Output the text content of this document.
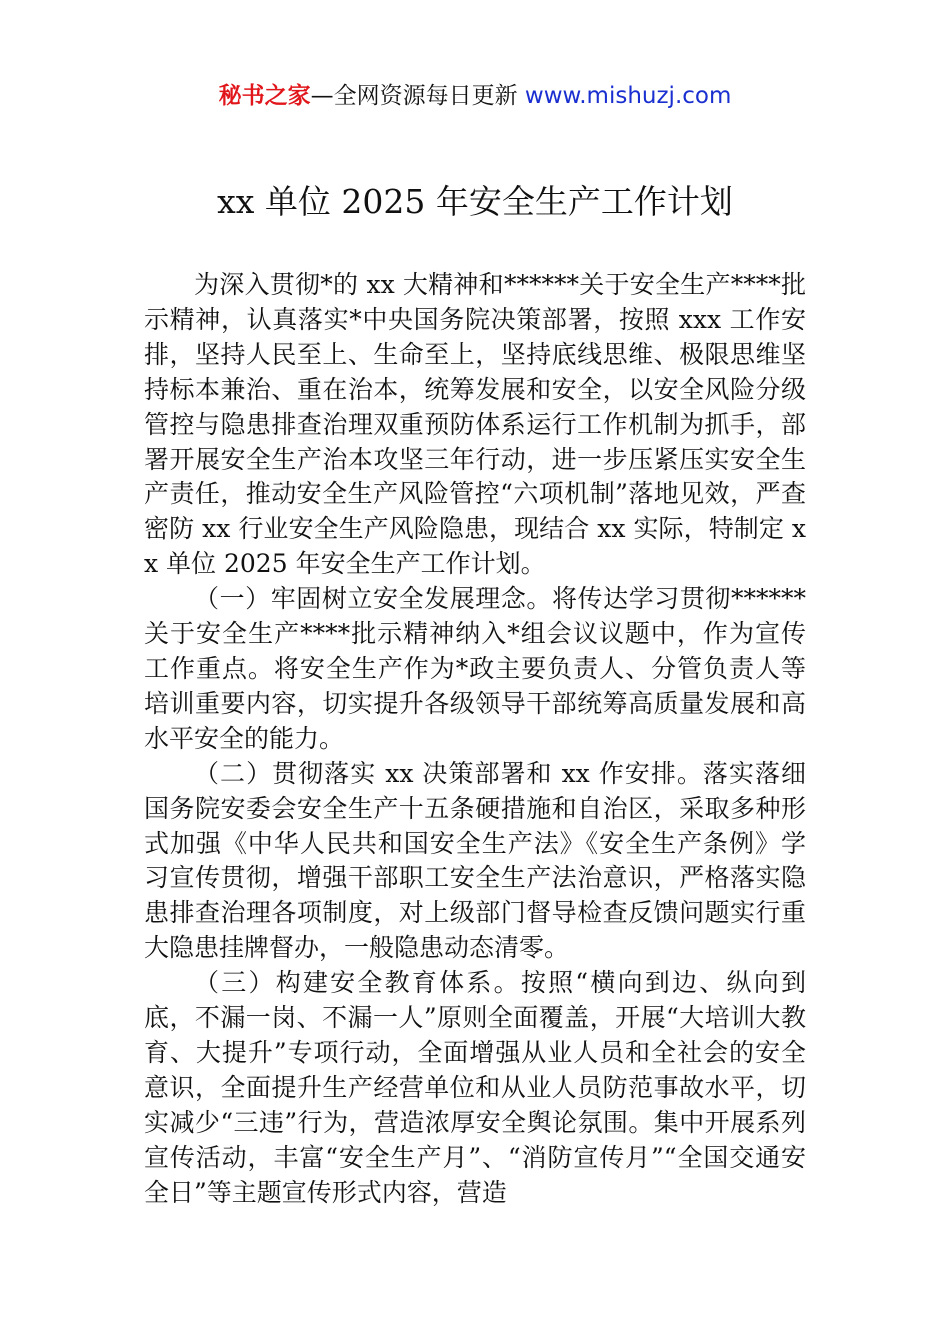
秘书之家—全网资源每日更新 www.mishuzj.com
xx 单位 2025 年安全生产工作计划

为深入贯彻*的 xx 大精神和******关于安全生产****批示精神，认真落实*中央国务院决策部署，按照 xxx 工作安排，坚持人民至上、生命至上，坚持底线思维、极限思维坚持标本兼治、重在治本，统筹发展和安全，以安全风险分级管控与隐患排查治理双重预防体系运行工作机制为抓手，部署开展安全生产治本攻坚三年行动，进一步压紧压实安全生产责任，推动安全生产风险管控“六项机制”落地见效，严查密防 xx 行业安全生产风险隐患，现结合 xx 实际，特制定 xx 单位 2025 年安全生产工作计划。

（一）牢固树立安全发展理念。将传达学习贯彻******关于安全生产****批示精神纳入*组会议议题中，作为宣传工作重点。将安全生产作为*政主要负责人、分管负责人等培训重要内容，切实提升各级领导干部统筹高质量发展和高水平安全的能力。

（二）贯彻落实 xx 决策部署和 xx 作安排。落实落细国务院安委会安全生产十五条硬措施和自治区，采取多种形式加强《中华人民共和国安全生产法》《安全生产条例》学习宣传贯彻，增强干部职工安全生产法治意识，严格落实隐患排查治理各项制度，对上级部门督导检查反馈问题实行重大隐患挂牌督办，一般隐患动态清零。

（三）构建安全教育体系。按照“横向到边、纵向到底，不漏一岗、不漏一人”原则全面覆盖，开展“大培训大教育、大提升”专项行动，全面增强从业人员和全社会的安全意识，全面提升生产经营单位和从业人员防范事故水平，切实减少“三违”行为，营造浓厚安全舆论氛围。集中开展系列宣传活动，丰富“安全生产月”、“消防宣传月”“全国交通安全日”等主题宣传形式内容，营造
